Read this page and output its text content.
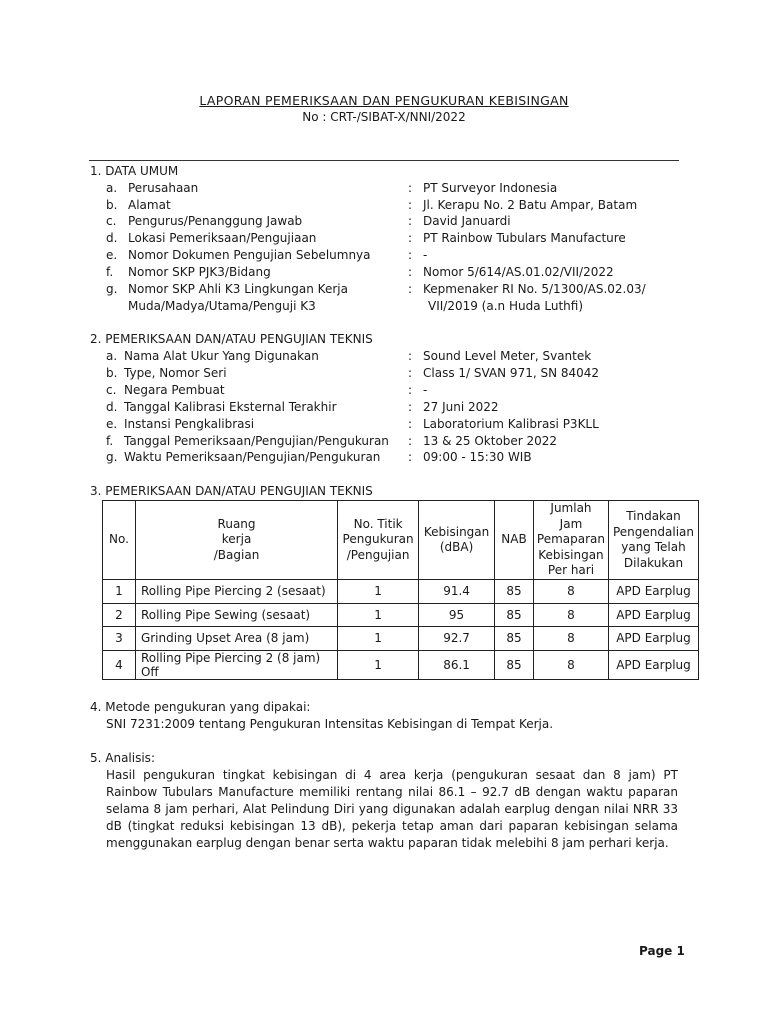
LAPORAN PEMERIKSAAN DAN PENGUKURAN KEBISINGAN
No : CRT-/SIBAT-X/NNI/2022
1. DATA UMUM
a. Perusahaan	: PT Surveyor Indonesia
b. Alamat	: Jl. Kerapu No. 2 Batu Ampar, Batam
c. Pengurus/Penanggung Jawab	: David Januardi
d. Lokasi Pemeriksaan/Pengujiaan	: PT Rainbow Tubulars Manufacture
e. Nomor Dokumen Pengujian Sebelumnya	: -
f.	Nomor SKP PJK3/Bidang	: Nomor 5/614/AS.01.02/VII/2022
g. Nomor SKP Ahli K3 Lingkungan Kerja
Muda/Madya/Utama/Penguji K3
: Kepmenaker RI No. 5/1300/AS.02.03/
VII/2019 (a.n Huda Luthfi)
2. PEMERIKSAAN DAN/ATAU PENGUJIAN TEKNIS
a. Nama Alat Ukur Yang Digunakan	: Sound Level Meter, Svantek
b. Type, Nomor Seri	: Class 1/ SVAN 971, SN 84042
c. Negara Pembuat	: -
d. Tanggal Kalibrasi Eksternal Terakhir	: 27 Juni 2022
e. Instansi Pengkalibrasi	: Laboratorium Kalibrasi P3KLL
f. Tanggal Pemeriksaan/Pengujian/Pengukuran	: 13 & 25 Oktober 2022
g. Waktu Pemeriksaan/Pengujian/Pengukuran	: 09:00 - 15:30 WIB
3. PEMERIKSAAN DAN/ATAU PENGUJIAN TEKNIS
No.	Ruang
kerja
/Bagian	No. Titik
Pengukuran
/Pengujian	Kebisingan
(dBA)	NAB	Jumlah
Jam
Pemaparan
Kebisingan
Per hari	Tindakan
Pengendalian
yang Telah
Dilakukan
1	Rolling Pipe Piercing 2 (sesaat)	1	91.4	85	8	APD Earplug
2	Rolling Pipe Sewing (sesaat)	1	95	85	8	APD Earplug
3	Grinding Upset Area (8 jam)	1	92.7	85	8	APD Earplug
4	Rolling Pipe Piercing 2 (8 jam) Off	1	86.1	85	8	APD Earplug
4. Metode pengukuran yang dipakai:
SNI 7231:2009 tentang Pengukuran Intensitas Kebisingan di Tempat Kerja.
5. Analisis:
Hasil pengukuran tingkat kebisingan di 4 area kerja (pengukuran sesaat dan 8 jam) PT Rainbow Tubulars Manufacture memiliki rentang nilai 86.1 – 92.7 dB dengan waktu paparan selama 8 jam perhari, Alat Pelindung Diri yang digunakan adalah earplug dengan nilai NRR 33 dB (tingkat reduksi kebisingan 13 dB), pekerja tetap aman dari paparan kebisingan selama menggunakan earplug dengan benar serta waktu paparan tidak melebihi 8 jam perhari kerja.
Page 1
